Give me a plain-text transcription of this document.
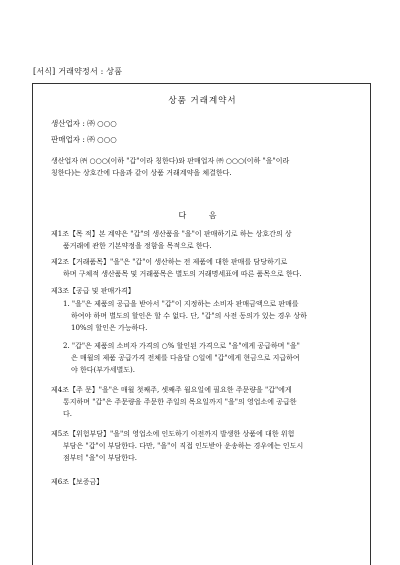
[서식] 거래약정서 : 상품
상품 거래계약서
생산업자 : ㈜ ○○○
판매업자 : ㈜ ○○○
생산업자 ㈜ ○○○(이하 "갑"이라 칭한다)와 판매업자 ㈜ ○○○(이하 "을"이라
칭한다)는 상호간에 다음과 같이 상품 거래계약을 체결한다.
다 음
제1조【목 적】본 계약은 "갑"의 생산품을 "을"이 판매하기로 하는 상호간의 상
품거래에 관한 기본약정을 정함을 목적으로 한다.
제2조【거래품목】"을"은 "갑"이 생산하는 전 제품에 대한 판매를 담당하기로
하며 구체적 생산품목 및 거래품목은 별도의 거래명세표에 따른 품목으로 한다.
제3조【공급 및 판매가격】
1. "을"은 제품의 공급을 받아서 "갑"이 지정하는 소비자 판매금액으로 판매를
하여야 하며 별도의 할인은 할 수 없다. 단, "갑"의 사전 동의가 있는 경우 상하
10%의 할인은 가능하다.
2. "갑"은 제품의 소비자 가격의 ○% 할인된 가격으로 "을"에게 공급하며 "을"
은 매월의 제품 공급가격 전체를 다음달 ○일에 "갑"에게 현금으로 지급하여
야 한다(부가세별도).
제4조【주 문】"을"은 매월 첫째주, 셋째주 월요일에 필요한 주문량을 "갑"에게
통지하며 "갑"은 주문량을 주문한 주일의 목요일까지 "을"의 영업소에 공급한
다.
제5조【위험부담】"을"의 영업소에 인도하기 이전까지 발생한 상품에 대한 위험
부담은 "갑"이 부담한다. 다만, "을"이 직접 인도받아 운송하는 경우에는 인도시
점부터 "을"이 부담한다.
제6조【보증금】
